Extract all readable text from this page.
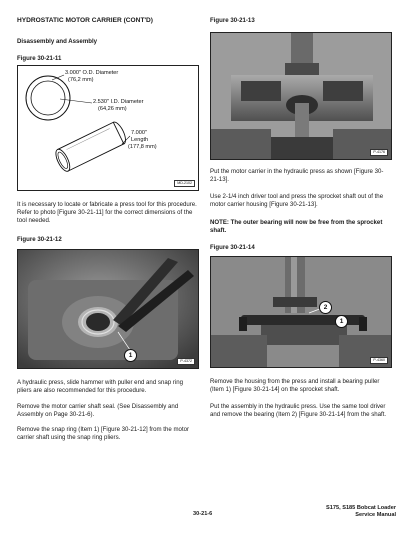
HYDROSTATIC MOTOR CARRIER (CONT'D)
Disassembly and Assembly
Figure 30-21-11
3.000" O.D. Diameter
(76,2 mm)
2.530" I.D. Diameter
(64,26 mm)
7.000"
Length
(177,8 mm)
MD-2102
It is necessary to locate or fabricate a press tool for this procedure. Refer to photo [Figure 30-21-11] for the correct dimensions of the tool needed.
Figure 30-21-12
1
P-4372
A hydraulic press, slide hammer with puller end and snap ring pliers are also recommended for this procedure.
Remove the motor carrier shaft seal. (See Disassembly and Assembly on Page 30-21-6).
Remove the snap ring (Item 1) [Figure 30-21-12] from the motor carrier shaft using the snap ring pliers.
Figure 30-21-13
P-4176
Put the motor carrier in the hydraulic press as shown [Figure 30-21-13].
Use 2-1/4 inch driver tool and press the sprocket shaft out of the motor carrier housing [Figure 30-21-13].
NOTE: The outer bearing will now be free from the sprocket shaft.
Figure 30-21-14
2
1
P-4360
Remove the housing from the press and install a bearing puller (Item 1) [Figure 30-21-14] on the sprocket shaft.
Put the assembly in the hydraulic press. Use the same tool driver and remove the bearing (Item 2) [Figure 30-21-14] from the shaft.
30-21-6
S175, S185 Bobcat Loader
Service Manual
